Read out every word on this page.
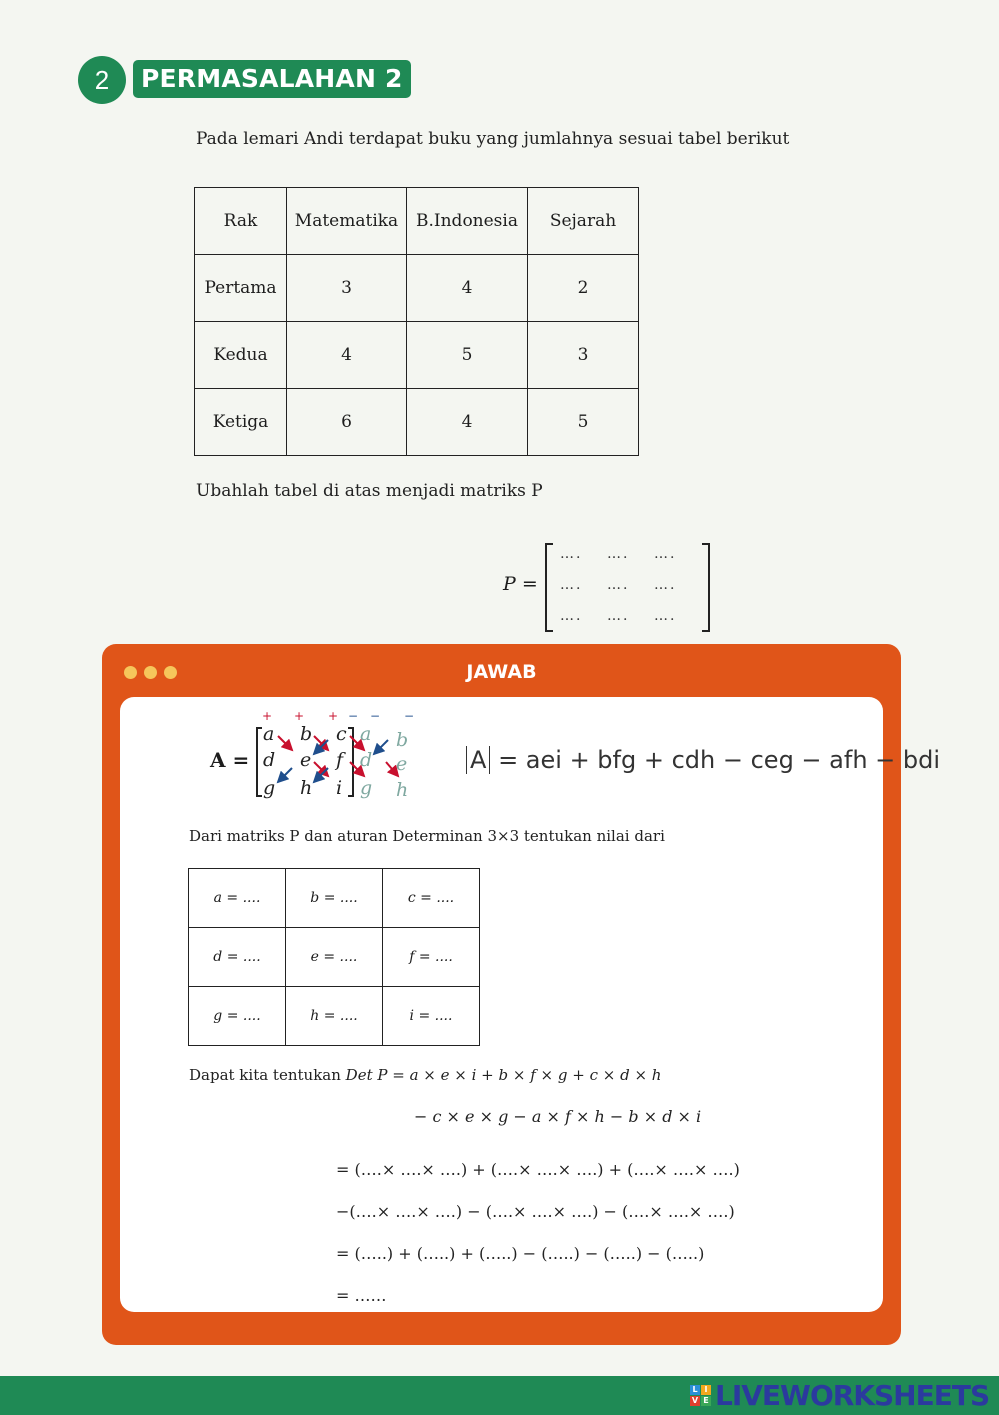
2	PERMASALAHAN 2
Pada lemari Andi terdapat buku yang jumlahnya sesuai tabel berikut
Rak	Matematika	B.Indonesia	Sejarah
Pertama	3	4	2
Kedua	4	5	3
Ketiga	6	4	5
Ubahlah tabel di atas menjadi matriks P
P =
….	….	….
….	….	….
….	….	….
JAWAB
A =
+ + + − − −
a b c
d e f
g h i
a b
d e
g h
A = aei + bfg + cdh − ceg − afh − bdi
Dari matriks P dan aturan Determinan 3×3 tentukan nilai dari
a = ....	b = ....	c = ....
d = ....	e = ....	f = ....
g = ....	h = ....	i = ....
Dapat kita tentukan Det P = a × e × i + b × f × g + c × d × h
− c × e × g − a × f × h − b × d × i
= (….× ….× ….) + (….× ….× ….) + (….× ….× ….)
−(….× ….× ….) − (….× ….× ….) − (….× ….× ….)
= (…..) + (…..) + (…..) − (…..) − (…..) − (…..)
= ……
L I
V E LIVEWORKSHEETS
